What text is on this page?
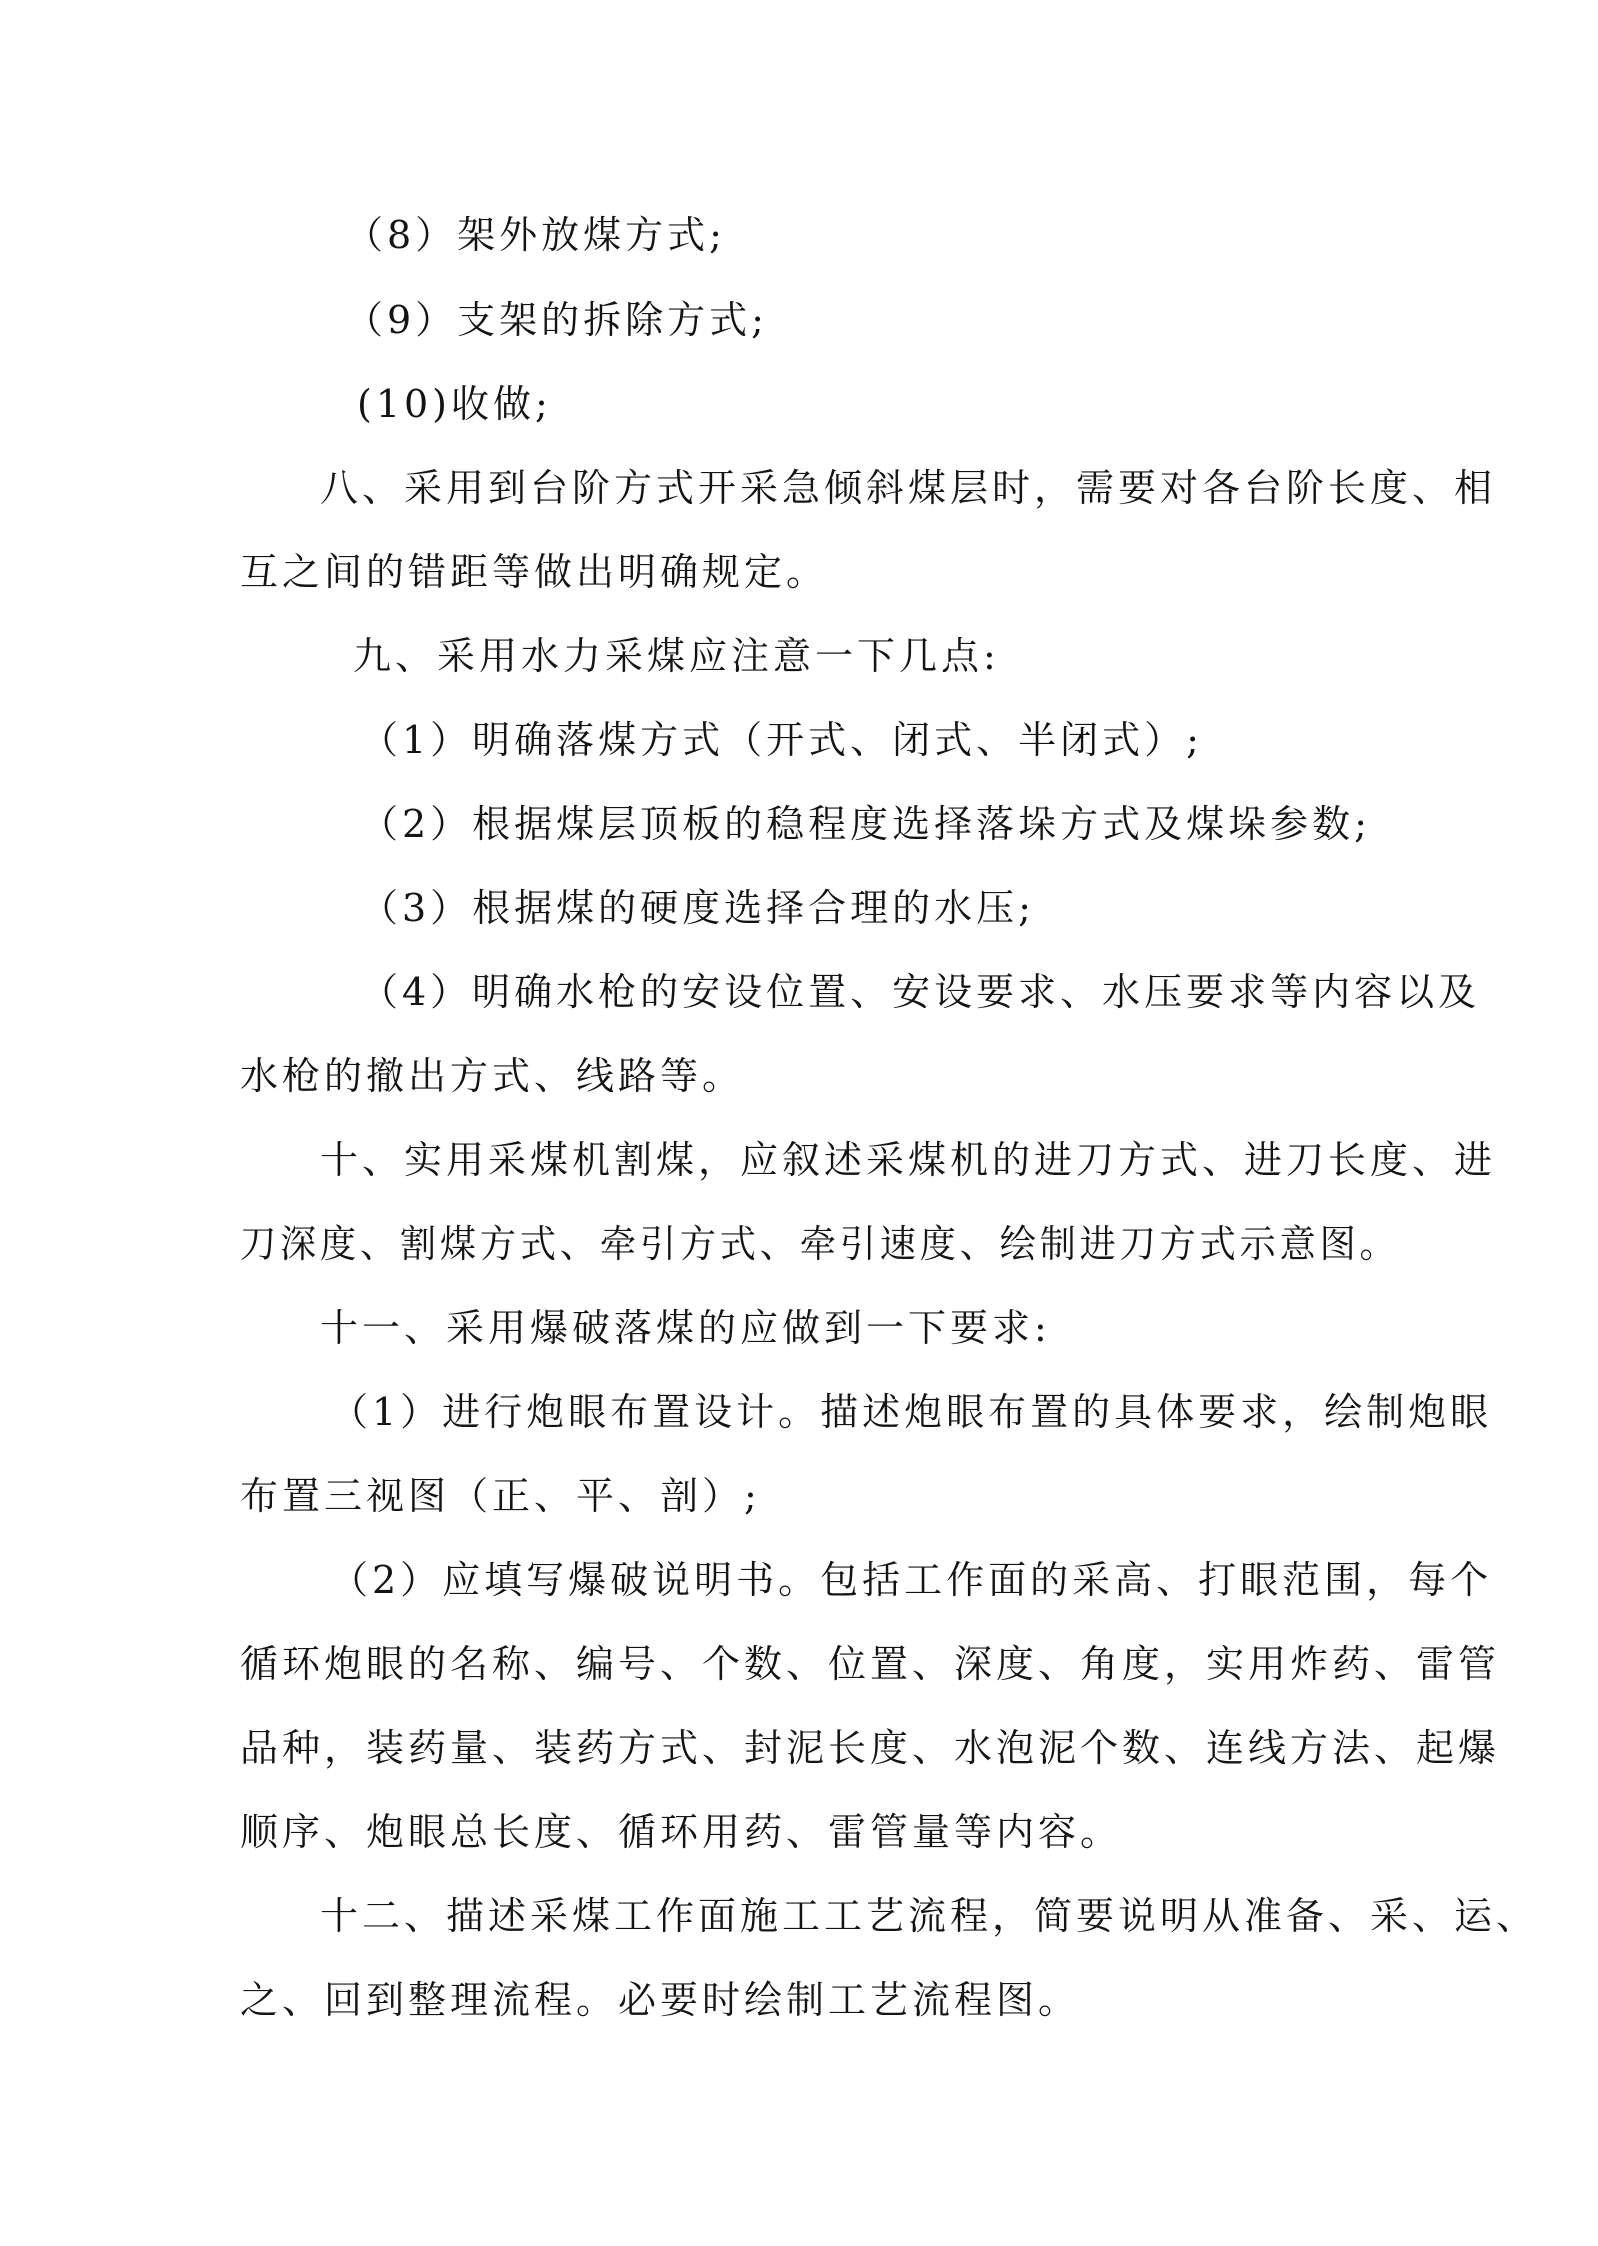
（8）架外放煤方式;
（9）支架的拆除方式;
(10)收做;
八、采用到台阶方式开采急倾斜煤层时，需要对各台阶长度、相
互之间的错距等做出明确规定。
九、采用水力采煤应注意一下几点:
（1）明确落煤方式（开式、闭式、半闭式）;
（2）根据煤层顶板的稳程度选择落垛方式及煤垛参数;
（3）根据煤的硬度选择合理的水压;
（4）明确水枪的安设位置、安设要求、水压要求等内容以及
水枪的撤出方式、线路等。
十、实用采煤机割煤，应叙述采煤机的进刀方式、进刀长度、进
刀深度、割煤方式、牵引方式、牵引速度、绘制进刀方式示意图。
十一、采用爆破落煤的应做到一下要求:
（1）进行炮眼布置设计。描述炮眼布置的具体要求，绘制炮眼
布置三视图（正、平、剖）;
（2）应填写爆破说明书。包括工作面的采高、打眼范围，每个
循环炮眼的名称、编号、个数、位置、深度、角度，实用炸药、雷管
品种，装药量、装药方式、封泥长度、水泡泥个数、连线方法、起爆
顺序、炮眼总长度、循环用药、雷管量等内容。
十二、描述采煤工作面施工工艺流程，简要说明从准备、采、运、
之、回到整理流程。必要时绘制工艺流程图。
